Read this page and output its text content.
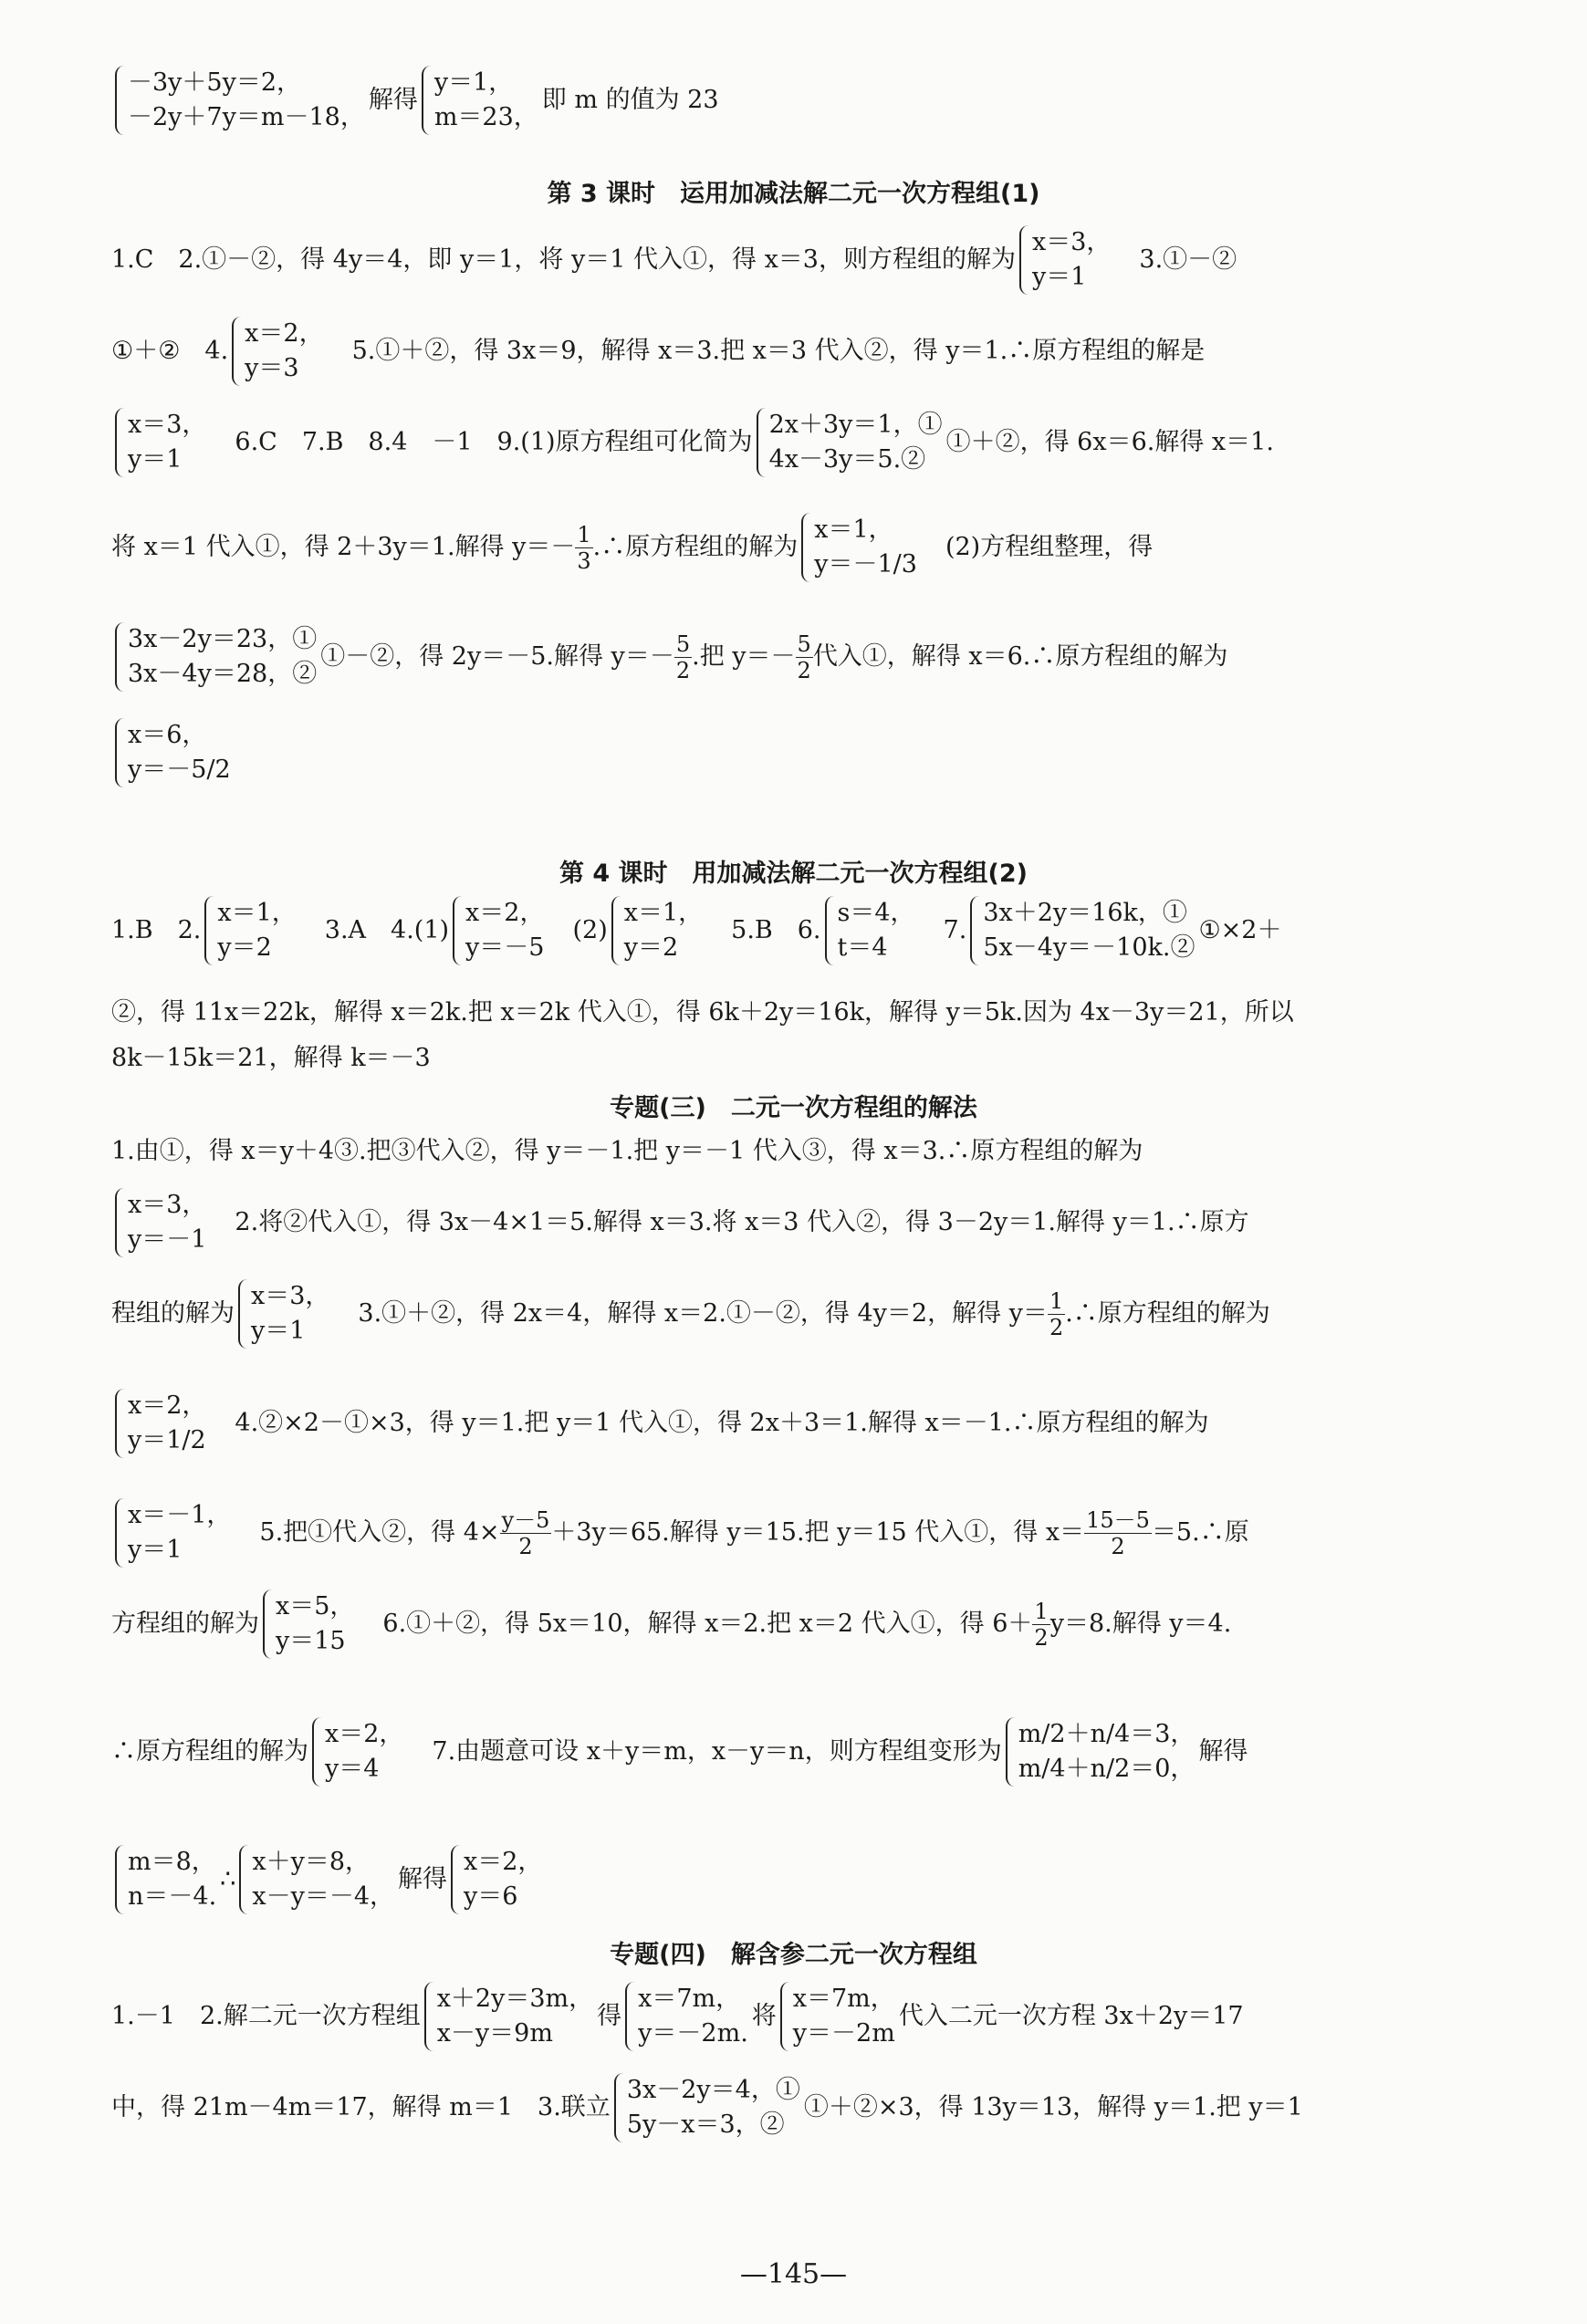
－3y＋5y＝2，
－2y＋7y＝m－18，
解得
y＝1，
m＝23，
即 m 的值为 23
第 3 课时　运用加减法解二元一次方程组(1)
1.C　2.①－②，得 4y＝4，即 y＝1，将 y＝1 代入①，得 x＝3，则方程组的解为
x＝3，
y＝1
　3.①－②
①＋②　4.
x＝2，
y＝3
　5.①＋②，得 3x＝9，解得 x＝3.把 x＝3 代入②，得 y＝1.∴原方程组的解是
x＝3，
y＝1
　6.C　7.B　8.4　－1　9.(1)原方程组可化简为
2x＋3y＝1，①
4x－3y＝5.②
①＋②，得 6x＝6.解得 x＝1.
将 x＝1 代入①，得 2＋3y＝1.解得 $y=- \frac{1}{3}$ .∴原方程组的解为
x＝1，
y＝－1/3
　(2)方程组整理，得
3x－2y＝23，①
3x－4y＝28，②
①－②，得 2y＝－5.解得 $y=- \frac{5}{2}$ .把 $y=- \frac{5}{2}$ 代入①，解得 x＝6.∴原方程组的解为
x＝6，
y＝－5/2
第 4 课时　用加减法解二元一次方程组(2)
1.B　2.
x＝1，
y＝2
　3.A　4.(1)
x＝2，
y＝－5
　(2)
x＝1，
y＝2
　5.B　6.
s＝4，
t＝4
　7.
3x＋2y＝16k，①
5x－4y＝－10k.②
①×2＋
②，得 11x＝22k，解得 x＝2k.把 x＝2k 代入①，得 6k＋2y＝16k，解得 y＝5k.因为 4x－3y＝21，所以
8k－15k＝21，解得 k＝－3
专题(三)　二元一次方程组的解法
1.由①，得 x＝y＋4③.把③代入②，得 y＝－1.把 y＝－1 代入③，得 x＝3.∴原方程组的解为
x＝3，
y＝－1
　2.将②代入①，得 3x－4×1＝5.解得 x＝3.将 x＝3 代入②，得 3－2y＝1.解得 y＝1.∴原方
程组的解为
x＝3，
y＝1
　3.①＋②，得 2x＝4，解得 x＝2.①－②，得 4y＝2，解得 $y= \frac{1}{2}$ .∴原方程组的解为
x＝2，
y＝1/2
　4.②×2－①×3，得 y＝1.把 y＝1 代入①，得 2x＋3＝1.解得 x＝－1.∴原方程组的解为
x＝－1，
y＝1
　5.把①代入②，得 $4\times \frac{y-5}{2} +3y=65$.解得 y＝15.把 y＝15 代入①，得 $x= \frac{15-5}{2}$ ＝5.∴原
方程组的解为
x＝5，
y＝15
　6.①＋②，得 5x＝10，解得 x＝2.把 x＝2 代入①，得 $6+ \frac{1}{2} y=8$.解得 y＝4.
∴原方程组的解为
x＝2，
y＝4
　7.由题意可设 x＋y＝m，x－y＝n，则方程组变形为
m/2＋n/4＝3，
m/4＋n/2＝0，
解得
m＝8，
n＝－4.
∴
x＋y＝8，
x－y＝－4，
解得
x＝2，
y＝6
专题(四)　解含参二元一次方程组
1.－1　2.解二元一次方程组
x＋2y＝3m，
x－y＝9m
得
x＝7m，
y＝－2m.
将
x＝7m，
y＝－2m
代入二元一次方程 3x＋2y＝17
中，得 21m－4m＝17，解得 m＝1　3.联立
3x－2y＝4，①
5y－x＝3，②
①＋②×3，得 13y＝13，解得 y＝1.把 y＝1
—145—
